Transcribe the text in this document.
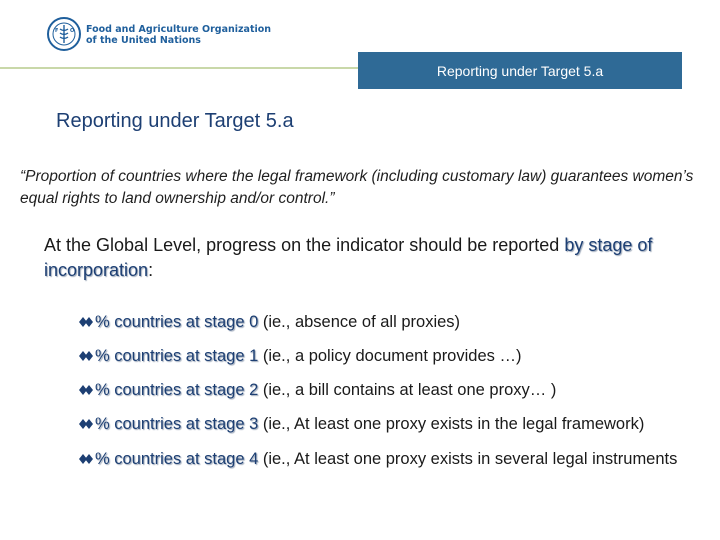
F O Food and Agriculture Organization
of the United Nations
Reporting under Target 5.a
Reporting under Target 5.a
“Proportion of countries where the legal framework (including customary law) guarantees women’s equal rights to land ownership and/or control.”
At the Global Level, progress on the indicator should be reported by stage of incorporation:
% countries at stage 0 (ie., absence of all proxies)
% countries at stage 1 (ie., a policy document provides …)
% countries at stage 2 (ie., a bill contains at least one proxy… )
% countries at stage 3 (ie., At least one proxy exists in the legal framework)
% countries at stage 4 (ie., At least one proxy exists in several legal instruments
